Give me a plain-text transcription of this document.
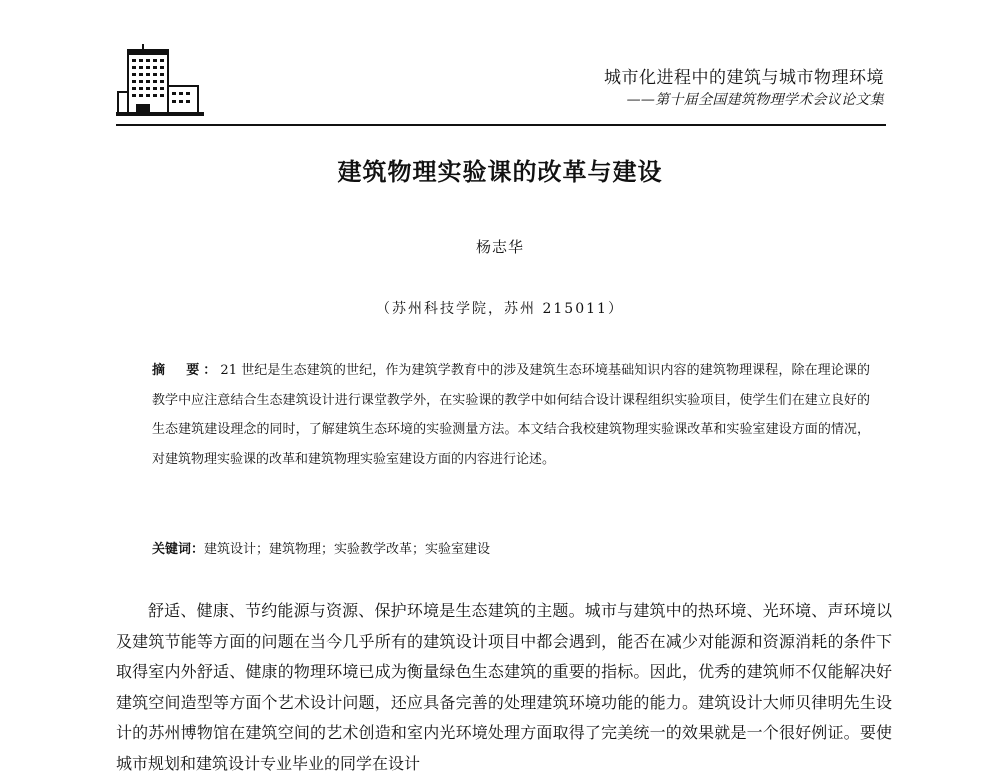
城市化进程中的建筑与城市物理环境
——第十届全国建筑物理学术会议论文集
建筑物理实验课的改革与建设
杨志华
（苏州科技学院，苏州 215011）
摘　要：21 世纪是生态建筑的世纪，作为建筑学教育中的涉及建筑生态环境基础知识内容的建筑物理课程，除在理论课的教学中应注意结合生态建筑设计进行课堂教学外，在实验课的教学中如何结合设计课程组织实验项目，使学生们在建立良好的生态建筑建设理念的同时，了解建筑生态环境的实验测量方法。本文结合我校建筑物理实验课改革和实验室建设方面的情况，对建筑物理实验课的改革和建筑物理实验室建设方面的内容进行论述。
关键词：建筑设计；建筑物理；实验教学改革；实验室建设

舒适、健康、节约能源与资源、保护环境是生态建筑的主题。城市与建筑中的热环境、光环境、声环境以及建筑节能等方面的问题在当今几乎所有的建筑设计项目中都会遇到，能否在减少对能源和资源消耗的条件下取得室内外舒适、健康的物理环境已成为衡量绿色生态建筑的重要的指标。因此，优秀的建筑师不仅能解决好建筑空间造型等方面个艺术设计问题，还应具备完善的处理建筑环境功能的能力。建筑设计大师贝律明先生设计的苏州博物馆在建筑空间的艺术创造和室内光环境处理方面取得了完美统一的效果就是一个很好例证。要使城市规划和建筑设计专业毕业的同学在设计
